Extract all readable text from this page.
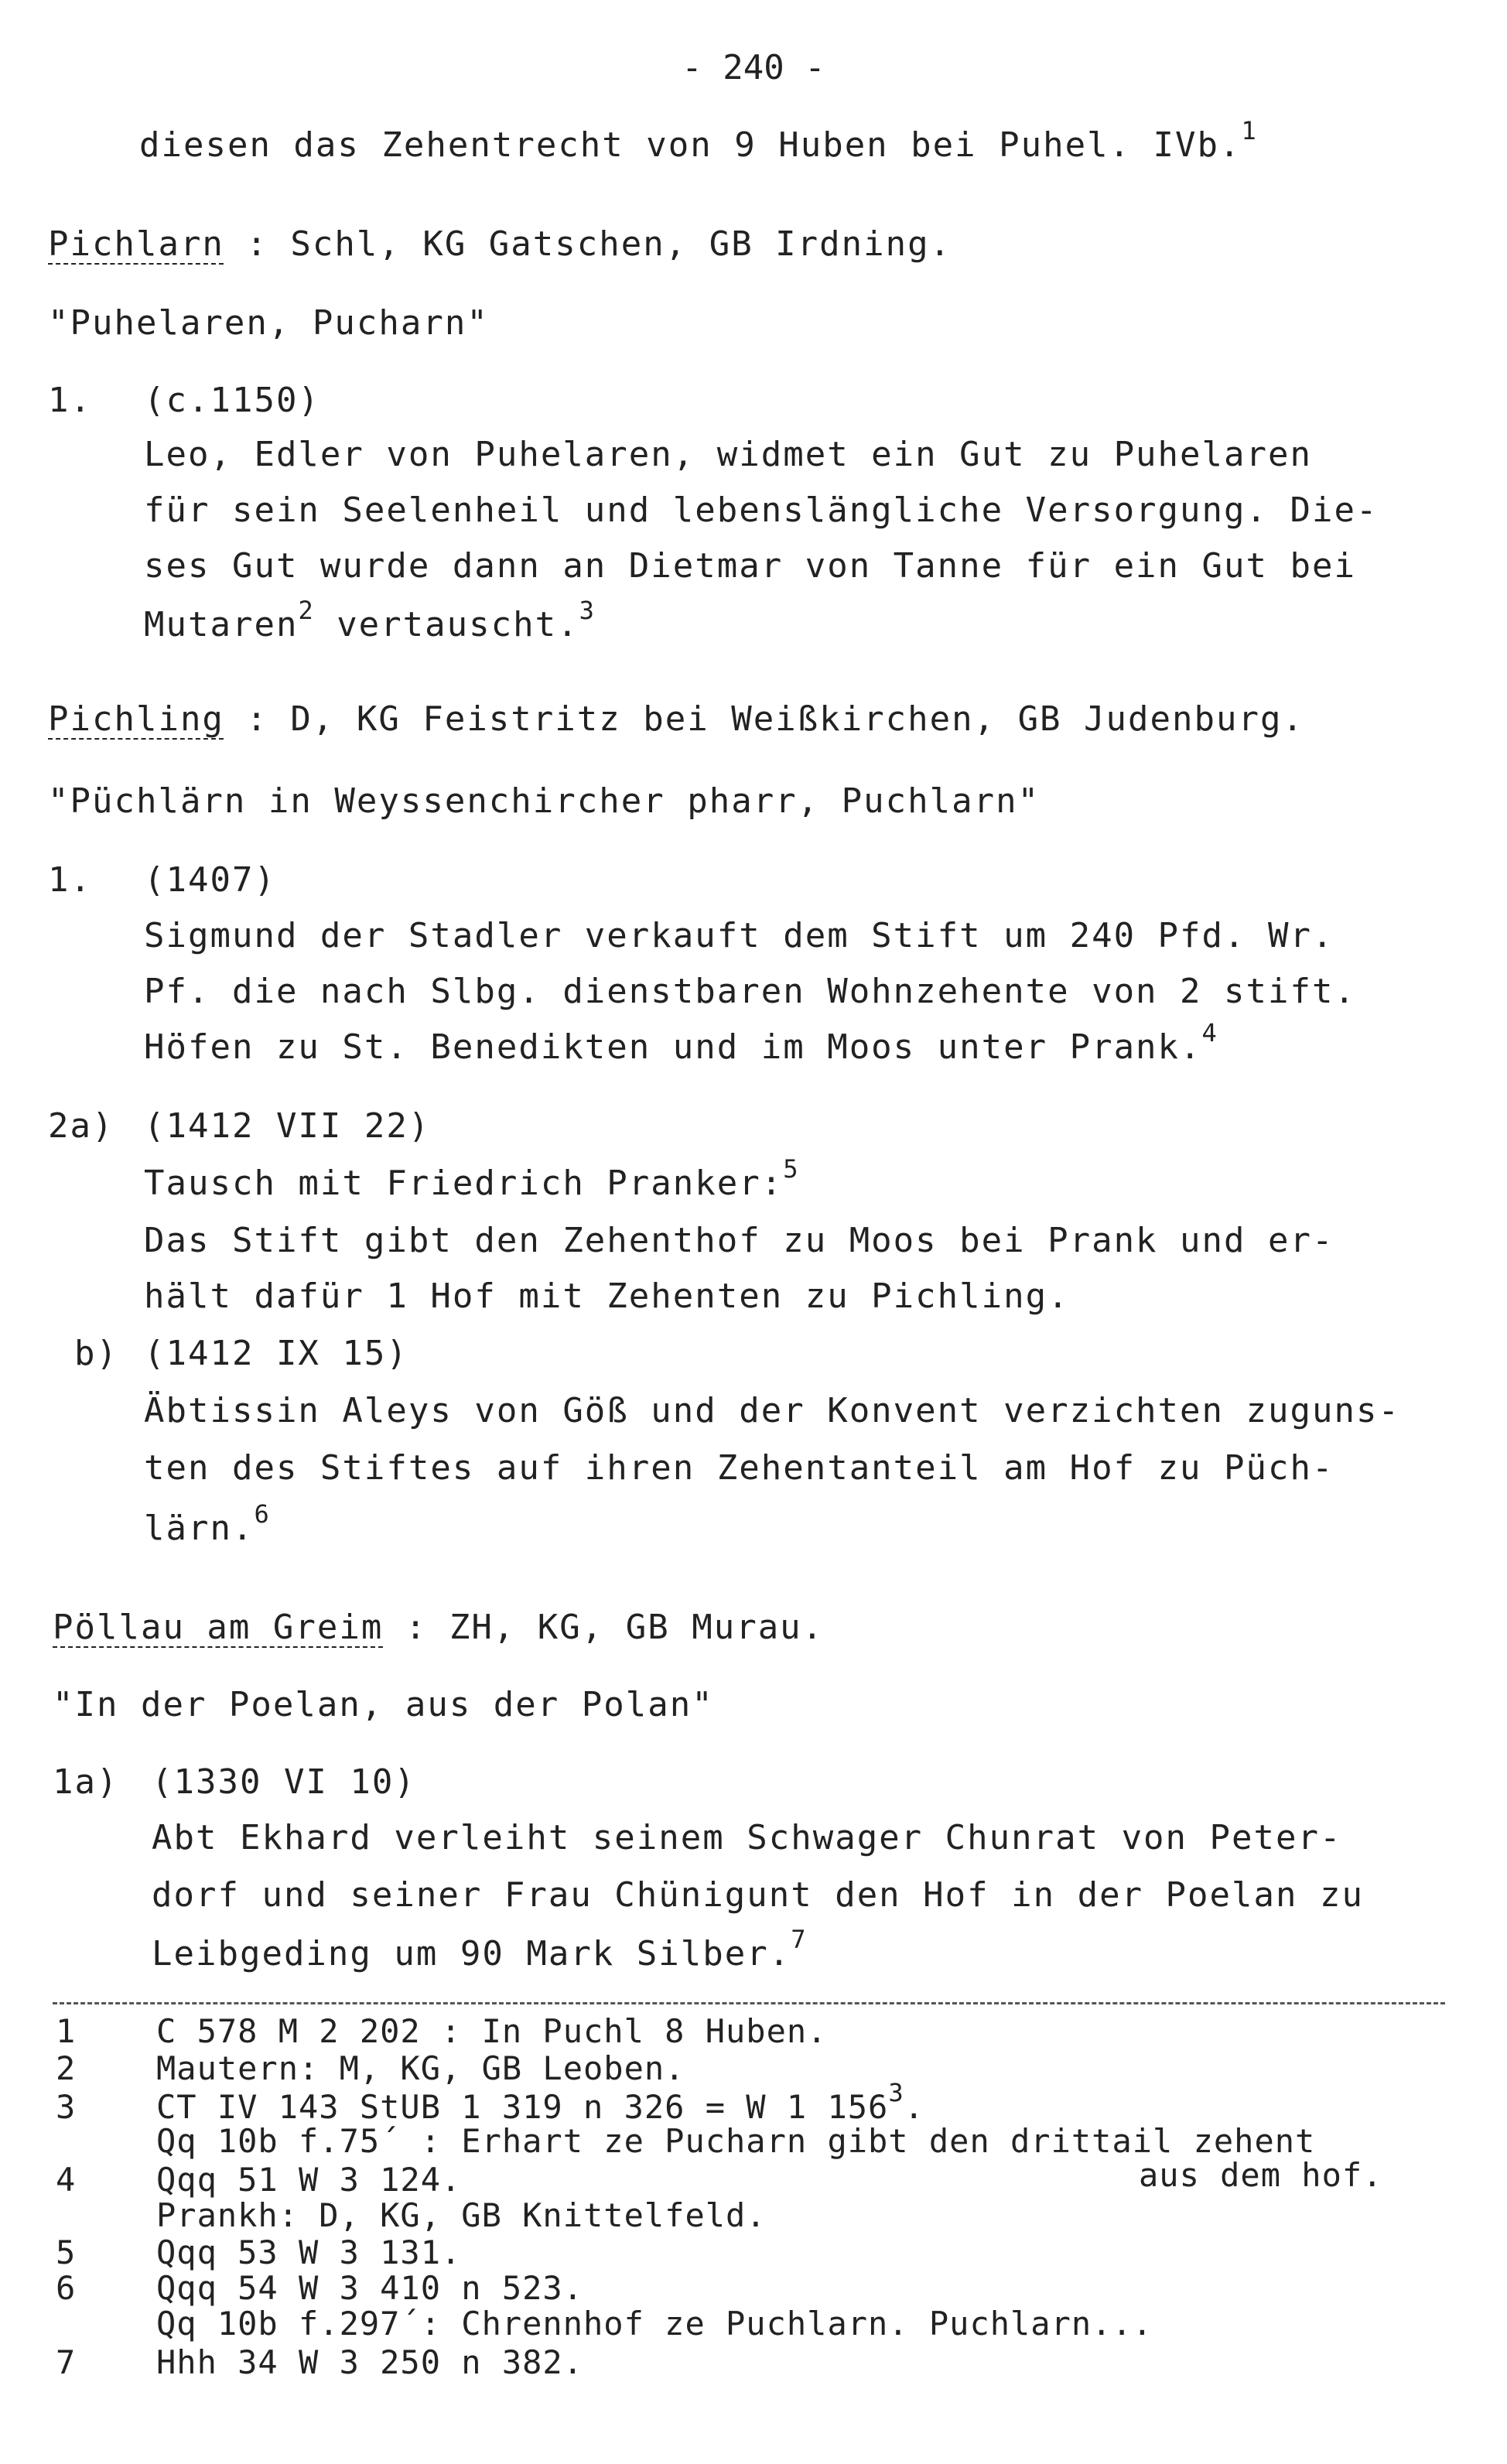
- 240 -
diesen das Zehentrecht von 9 Huben bei Puhel. IVb.$^1$
Pichlarn : Schl, KG Gatschen, GB Irdning.
"Puhelaren, Pucharn"
1. (c.1150)
Leo, Edler von Puhelaren, widmet ein Gut zu Puhelaren
für sein Seelenheil und lebenslängliche Versorgung. Die-
ses Gut wurde dann an Dietmar von Tanne für ein Gut bei
Mutaren$^2$ vertauscht.$^3$
Pichling : D, KG Feistritz bei Weißkirchen, GB Judenburg.
"Püchlärn in Weyssenchircher pharr, Puchlarn"
1. (1407)
Sigmund der Stadler verkauft dem Stift um 240 Pfd. Wr.
Pf. die nach Slbg. dienstbaren Wohnzehente von 2 stift.
Höfen zu St. Benedikten und im Moos unter Prank.$^4$
2a) (1412 VII 22)
Tausch mit Friedrich Pranker:$^5$
Das Stift gibt den Zehenthof zu Moos bei Prank und er-
hält dafür 1 Hof mit Zehenten zu Pichling.
b) (1412 IX 15)
Äbtissin Aleys von Göß und der Konvent verzichten zuguns-
ten des Stiftes auf ihren Zehentanteil am Hof zu Püch-
lärn.$^6$
Pöllau am Greim : ZH, KG, GB Murau.
"In der Poelan, aus der Polan"
1a) (1330 VI 10)
Abt Ekhard verleiht seinem Schwager Chunrat von Peter-
dorf und seiner Frau Chünigunt den Hof in der Poelan zu
Leibgeding um 90 Mark Silber.$^7$
1 C 578 M 2 202 : In Puchl 8 Huben.
2 Mautern: M, KG, GB Leoben.
3 CT IV 143 StUB 1 319 n 326 = W 1 $156^3$.
Qq 10b f.75´ : Erhart ze Pucharn gibt den drittail zehent
4 Qqq 51 W 3 124.	aus dem hof.
Prankh: D, KG, GB Knittelfeld.
5 Qqq 53 W 3 131.
6 Qqq 54 W 3 410 n 523.
Qq 10b f.297´: Chrennhof ze Puchlarn. Puchlarn...
7 Hhh 34 W 3 250 n 382.
